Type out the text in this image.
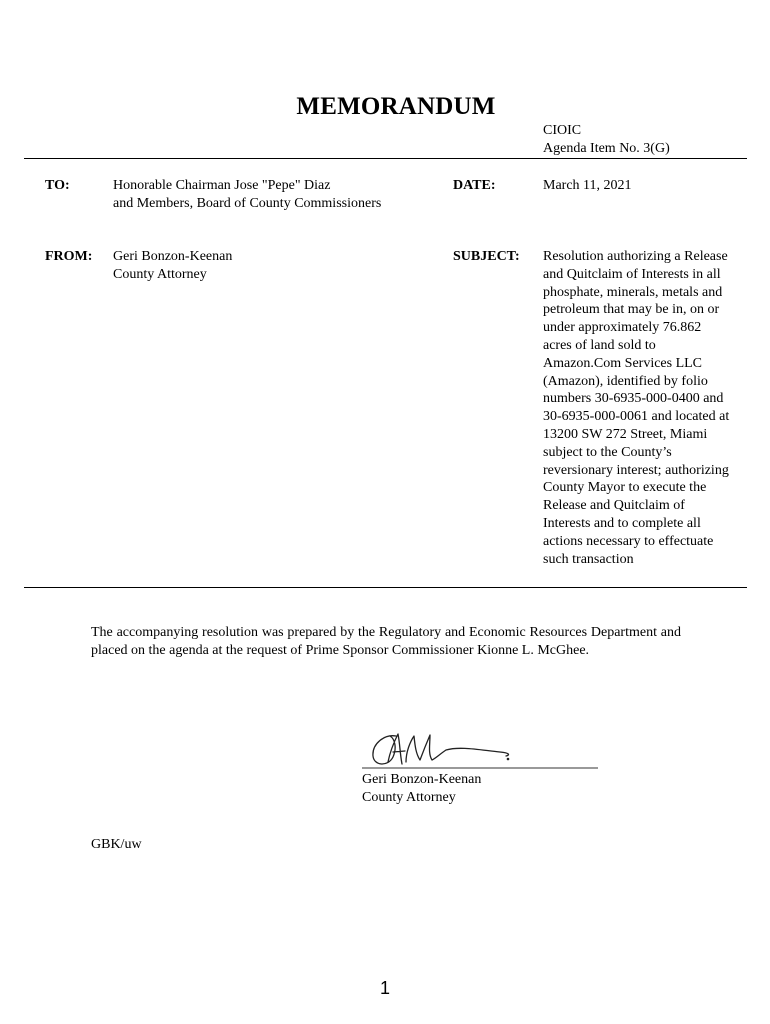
MEMORANDUM
CIOIC
Agenda Item No. 3(G)
TO:	Honorable Chairman Jose "Pepe" Diaz
and Members, Board of County Commissioners
DATE:	March 11, 2021
FROM: Geri Bonzon-Keenan
County Attorney
SUBJECT: Resolution authorizing a Release
and Quitclaim of Interests in all
phosphate, minerals, metals and
petroleum that may be in, on or
under approximately 76.862
acres of land sold to
Amazon.Com Services LLC
(Amazon), identified by folio
numbers 30-6935-000-0400 and
30-6935-000-0061 and located at
13200 SW 272 Street, Miami
subject to the County’s
reversionary interest; authorizing
County Mayor to execute the
Release and Quitclaim of
Interests and to complete all
actions necessary to effectuate
such transaction
The accompanying resolution was prepared by the Regulatory and Economic Resources Department and placed on the agenda at the request of Prime Sponsor Commissioner Kionne L. McGhee.
Geri Bonzon-Keenan
County Attorney
GBK/uw
1
